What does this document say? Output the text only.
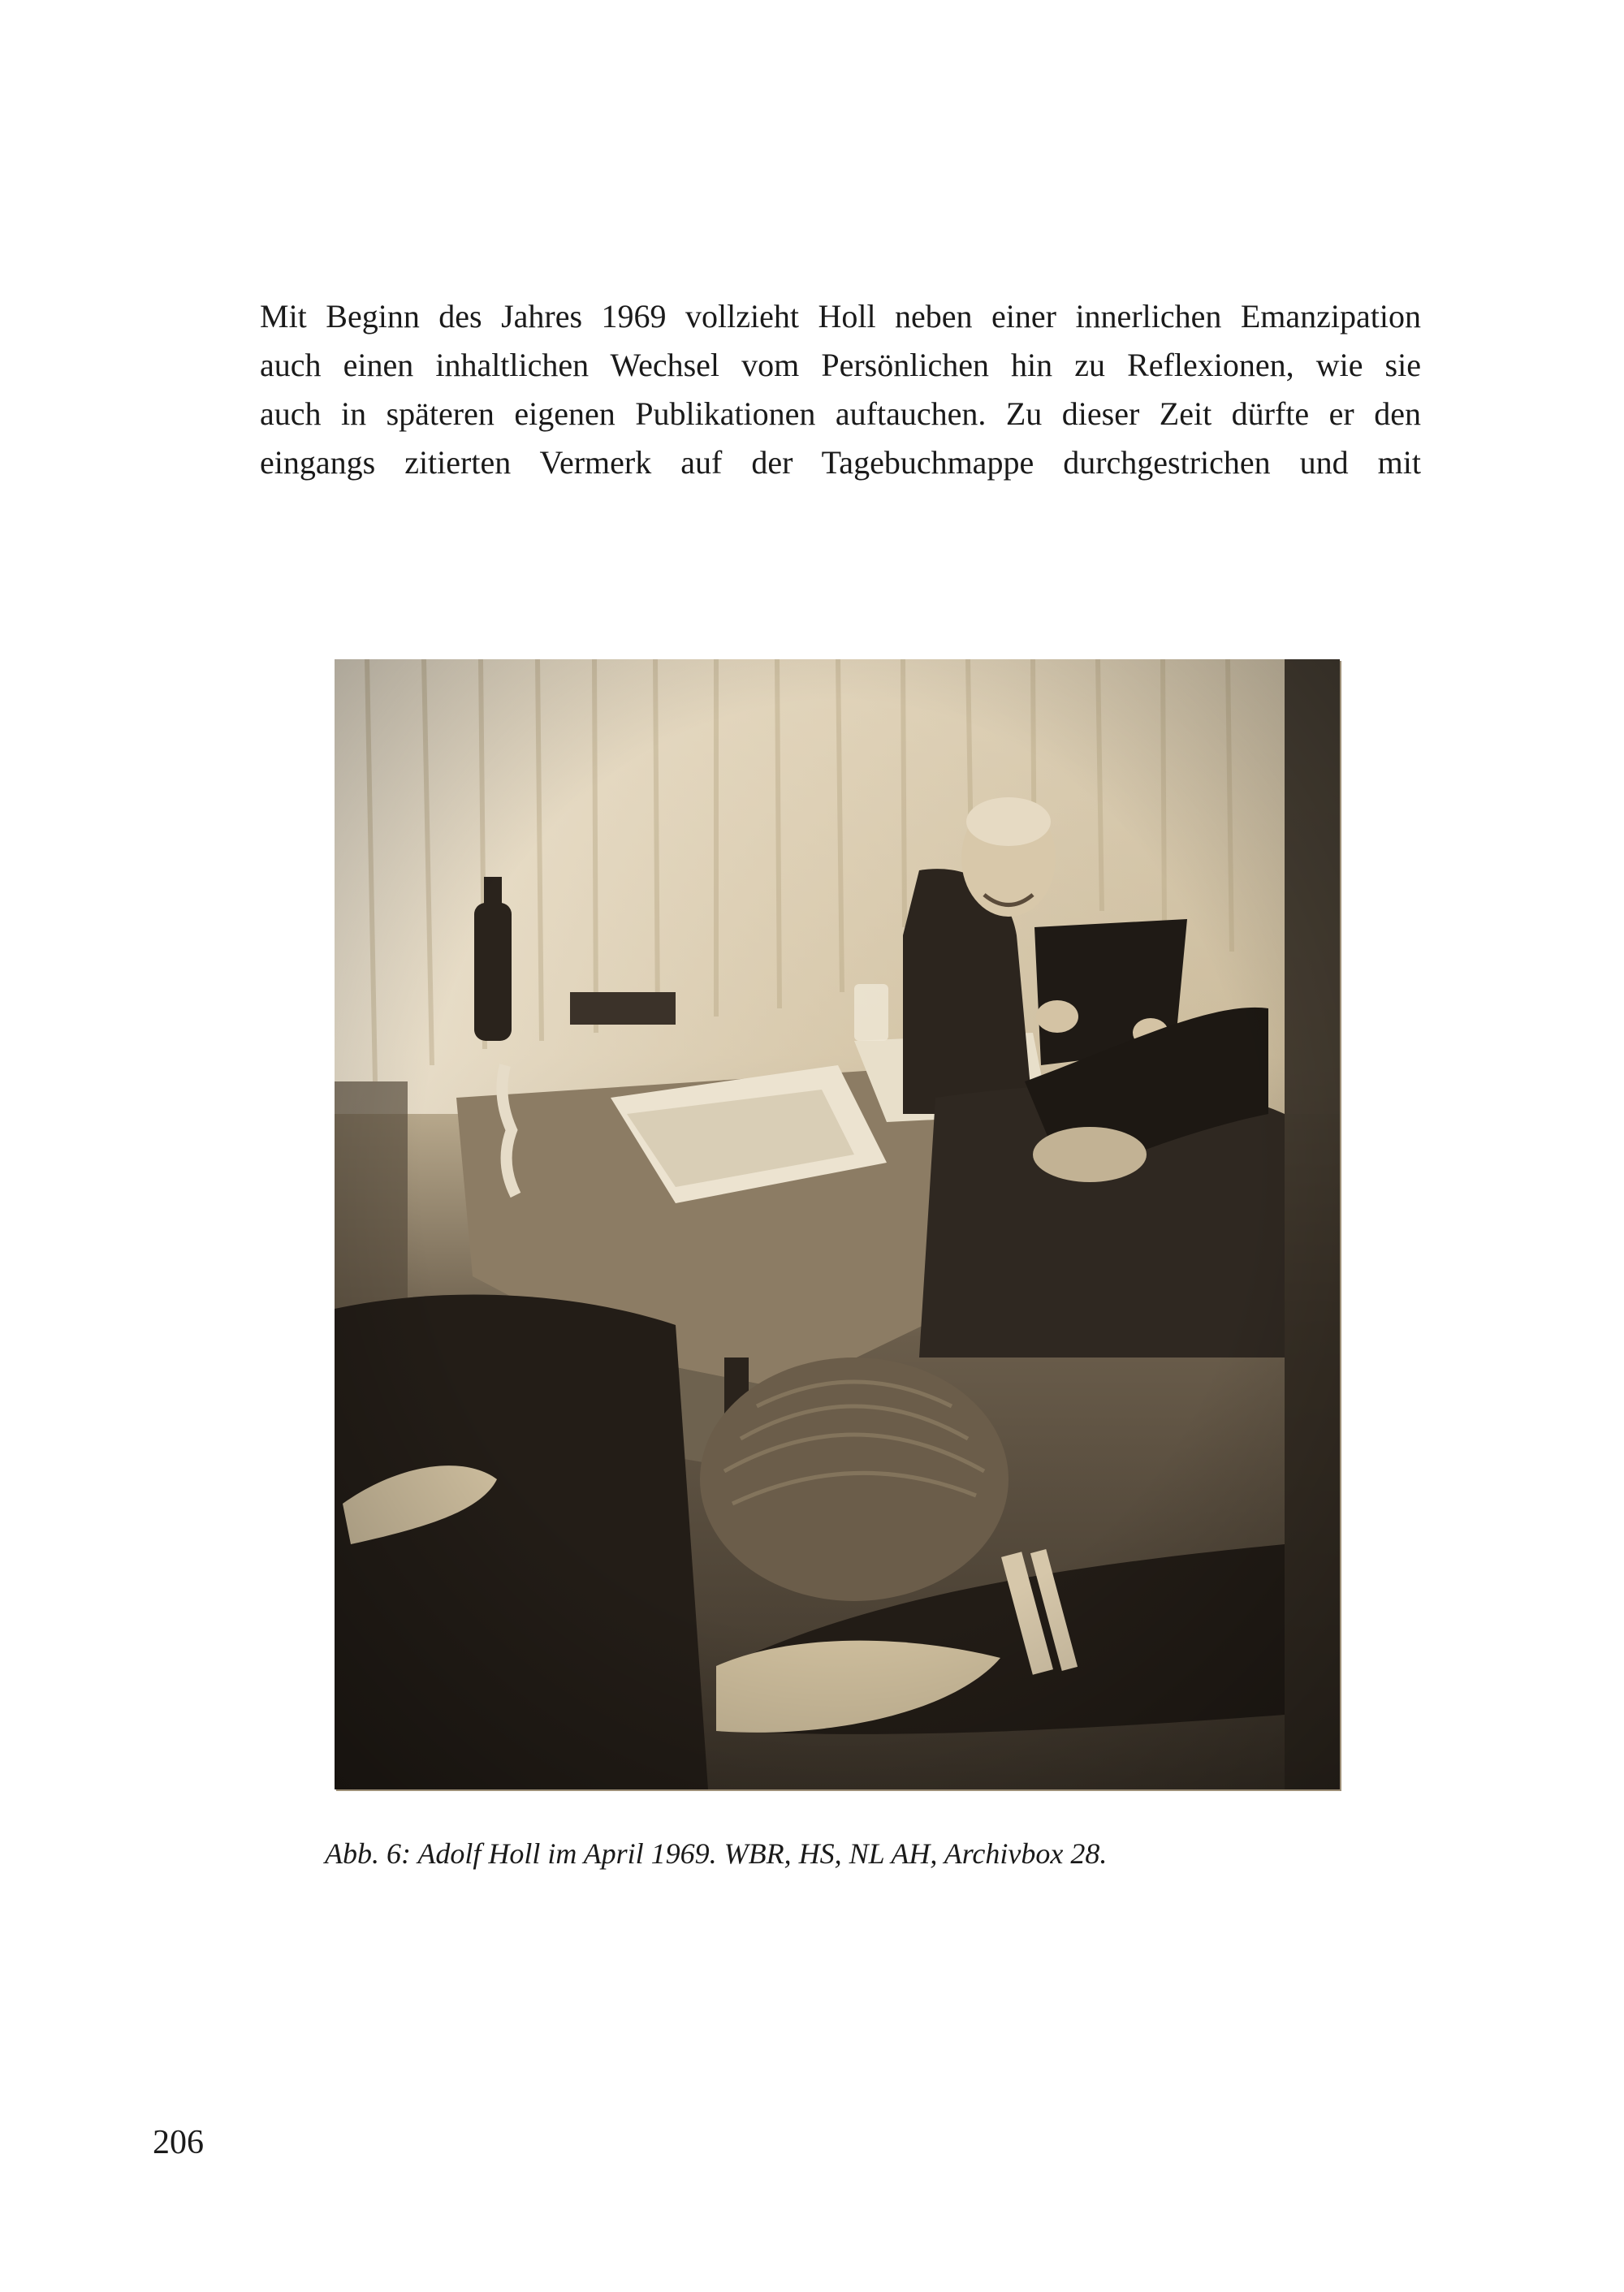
Mit Beginn des Jahres 1969 vollzieht Holl neben einer innerlichen Emanzipation
auch einen inhaltlichen Wechsel vom Persönlichen hin zu Reflexionen, wie sie
auch in späteren eigenen Publikationen auftauchen. Zu dieser Zeit dürfte er den
eingangs zitierten Vermerk auf der Tagebuchmappe durchgestrichen und mit
Abb. 6: Adolf Holl im April 1969. WBR, HS, NL AH, Archivbox 28.
206
